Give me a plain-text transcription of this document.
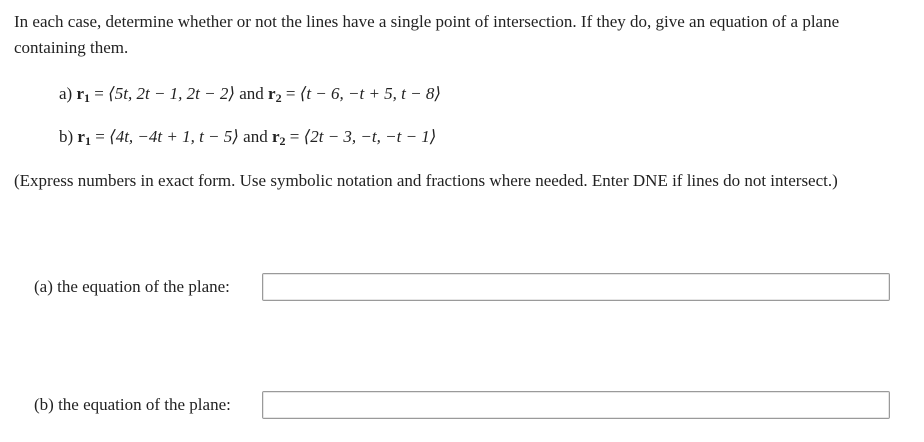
In each case, determine whether or not the lines have a single point of intersection. If they do, give an equation of a plane containing them.
a) $r_1$ = ⟨5t, 2t − 1, 2t − 2⟩ and $r_2$ = ⟨t − 6, −t + 5, t − 8⟩
b) $r_1$ = ⟨4t, −4t + 1, t − 5⟩ and $r_2$ = ⟨2t − 3, −t, −t − 1⟩
(Express numbers in exact form. Use symbolic notation and fractions where needed. Enter DNE if lines do not intersect.)
(a) the equation of the plane:
(b) the equation of the plane:
